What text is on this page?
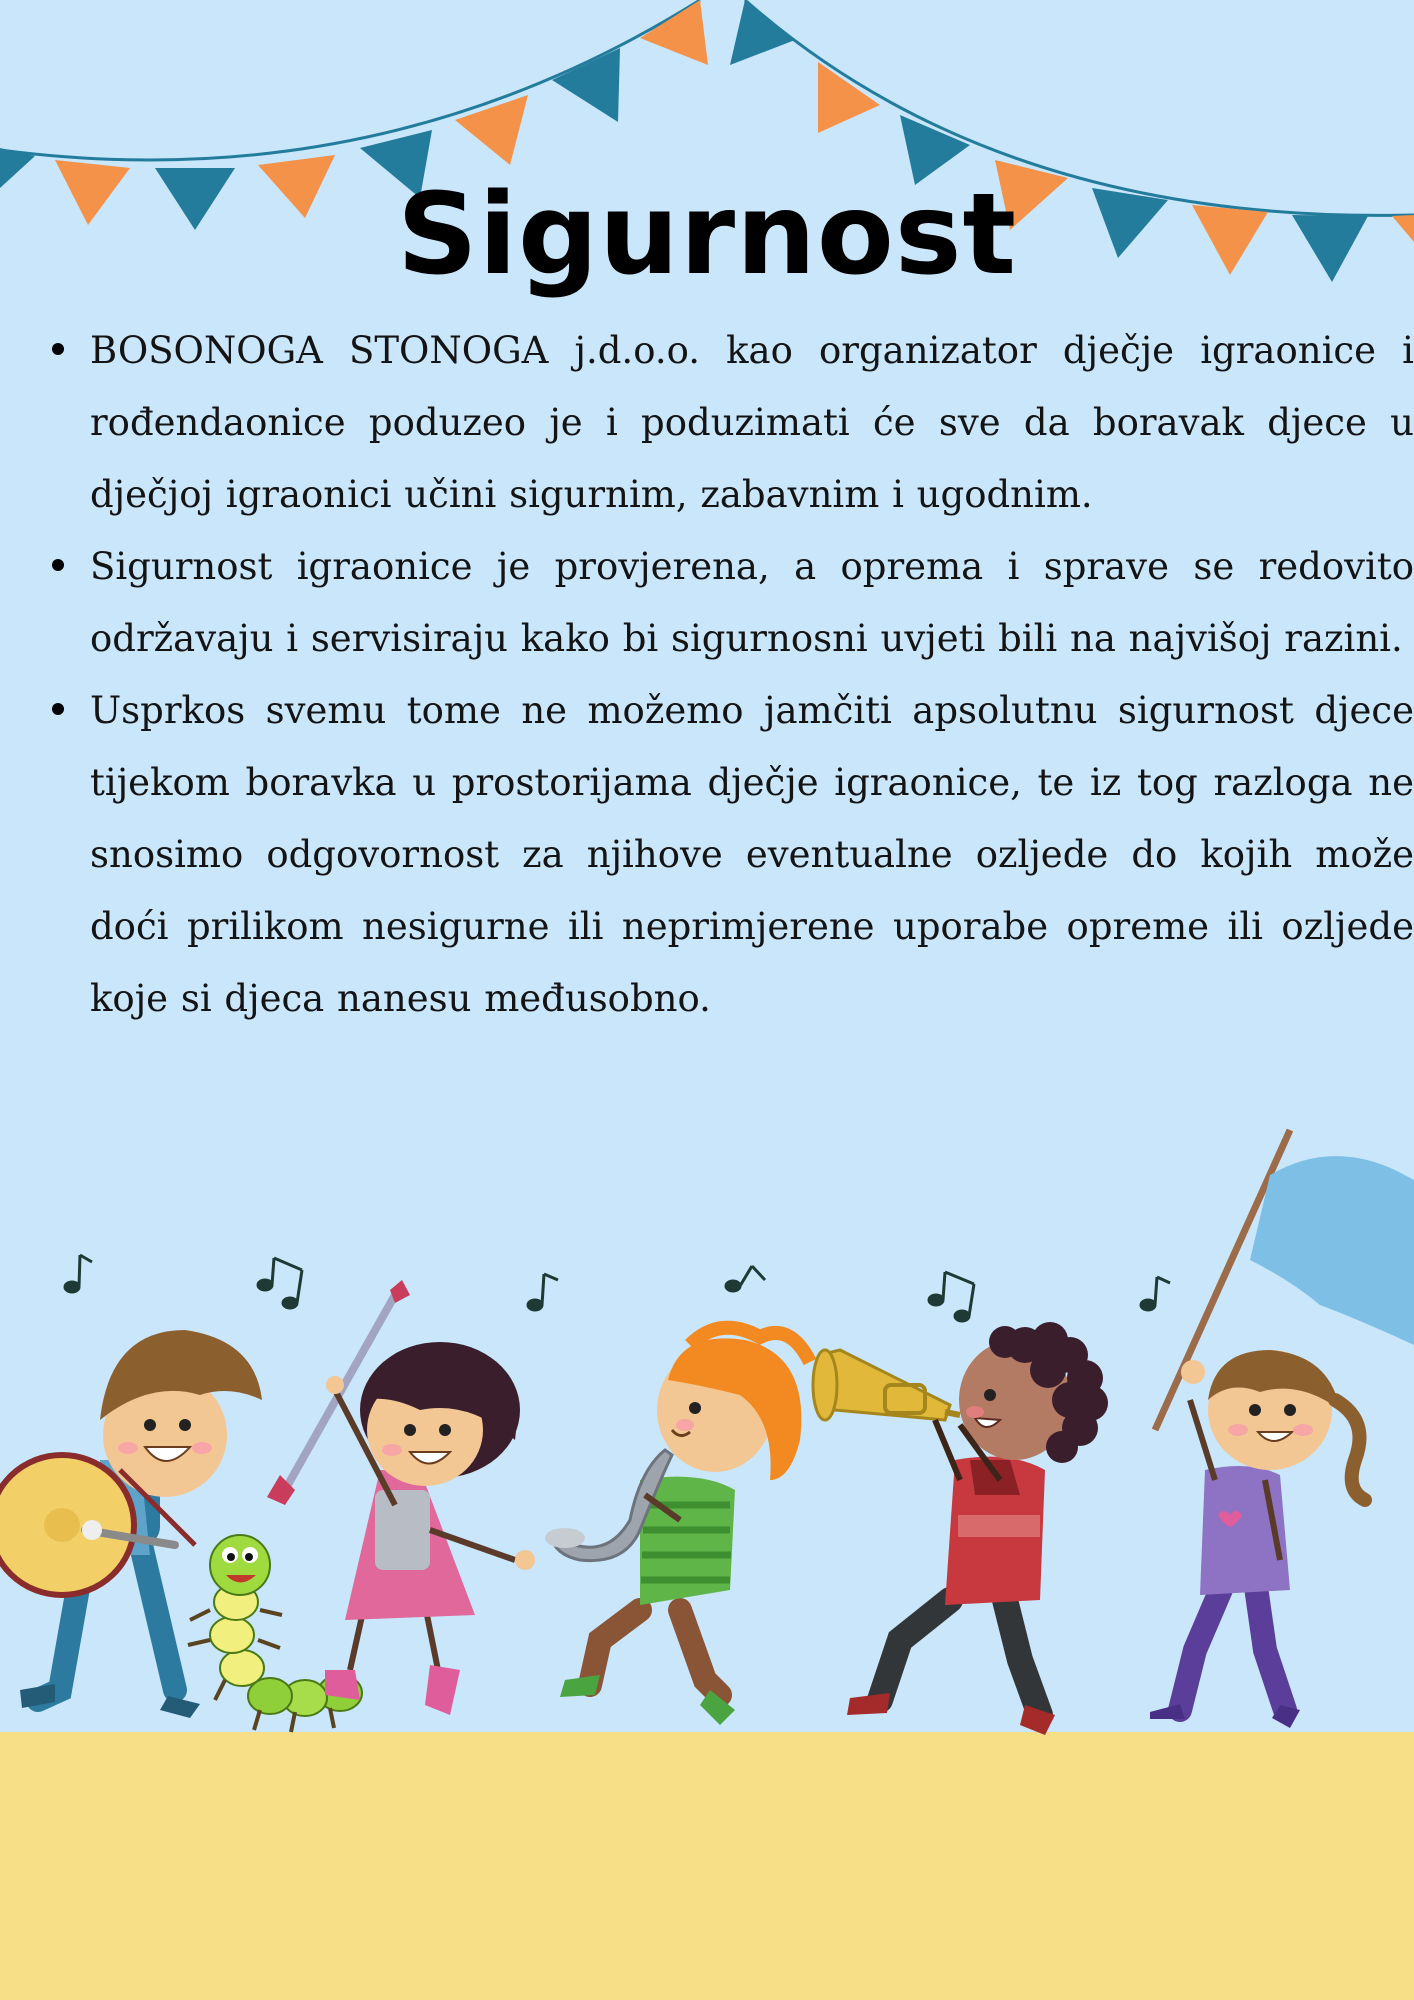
Sigurnost
BOSONOGA STONOGA j.d.o.o. kao organizator dječje igraonice i rođendaonice poduzeo je i poduzimati će sve da boravak djece u dječjoj igraonici učini sigurnim, zabavnim i ugodnim.
Sigurnost igraonice je provjerena, a oprema i sprave se redovito održavaju i servisiraju kako bi sigurnosni uvjeti bili na najvišoj razini.
Usprkos svemu tome ne možemo jamčiti apsolutnu sigurnost djece tijekom boravka u prostorijama dječje igraonice, te iz tog razloga ne snosimo odgovornost za njihove eventualne ozljede do kojih može doći prilikom nesigurne ili neprimjerene uporabe opreme ili ozljede koje si djeca nanesu međusobno.
